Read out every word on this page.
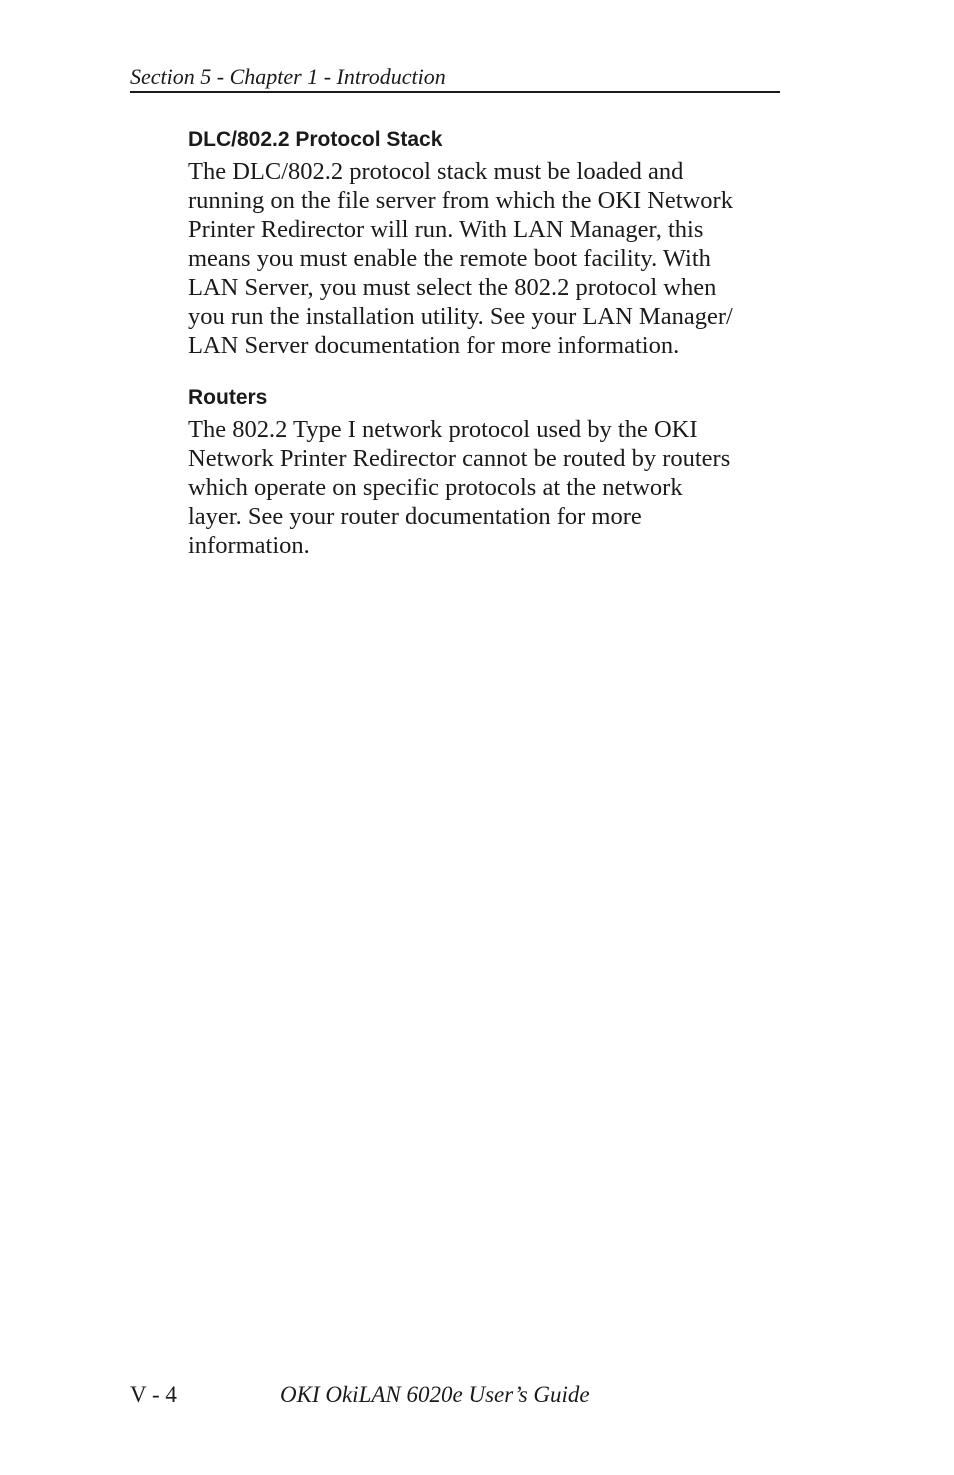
Section 5 - Chapter 1 - Introduction
DLC/802.2 Protocol Stack

The DLC/802.2 protocol stack must be loaded and
running on the file server from which the OKI Network
Printer Redirector will run. With LAN Manager, this
means you must enable the remote boot facility. With
LAN Server, you must select the 802.2 protocol when
you run the installation utility. See your LAN Manager/
LAN Server documentation for more information.

Routers

The 802.2 Type I network protocol used by the OKI
Network Printer Redirector cannot be routed by routers
which operate on specific protocols at the network
layer. See your router documentation for more
information.

V - 4	OKI OkiLAN 6020e User’s Guide
